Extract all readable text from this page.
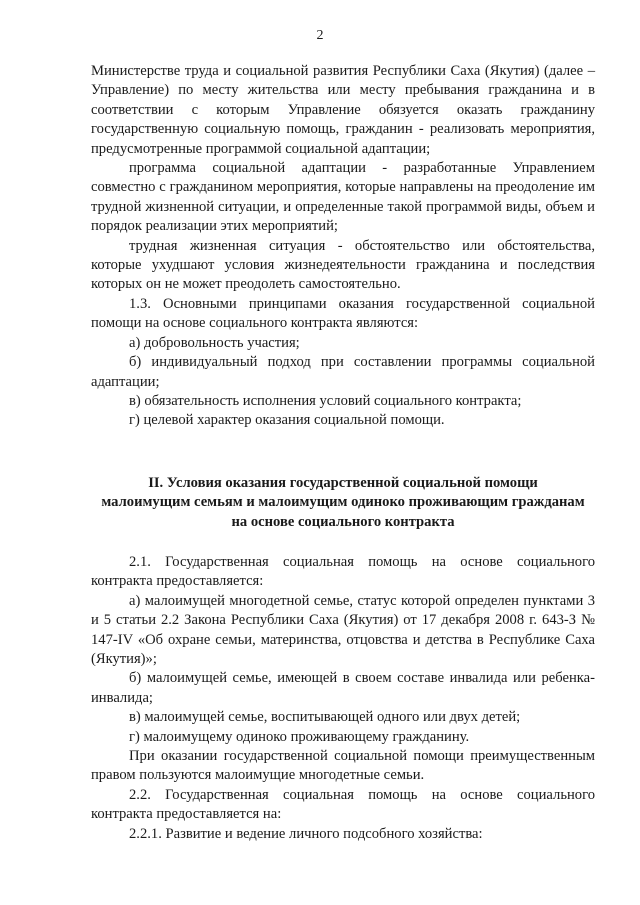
2

Министерстве труда и социальной развития Республики Саха (Якутия) (далее – Управление) по месту жительства или месту пребывания гражданина и в соответствии с которым Управление обязуется оказать гражданину государственную социальную помощь, гражданин - реализовать мероприятия, предусмотренные программой социальной адаптации;

программа социальной адаптации - разработанные Управлением совместно с гражданином мероприятия, которые направлены на преодоление им трудной жизненной ситуации, и определенные такой программой виды, объем и порядок реализации этих мероприятий;

трудная жизненная ситуация - обстоятельство или обстоятельства, которые ухудшают условия жизнедеятельности гражданина и последствия которых он не может преодолеть самостоятельно.

1.3. Основными принципами оказания государственной социальной помощи на основе социального контракта являются:

а) добровольность участия;

б) индивидуальный подход при составлении программы социальной адаптации;

в) обязательность исполнения условий социального контракта;

г) целевой характер оказания социальной помощи.

II. Условия оказания государственной социальной помощи
малоимущим семьям и малоимущим одиноко проживающим гражданам
на основе социального контракта

2.1. Государственная социальная помощь на основе социального контракта предоставляется:

а) малоимущей многодетной семье, статус которой определен пунктами 3 и 5 статьи 2.2 Закона Республики Саха (Якутия) от 17 декабря 2008 г. 643-З № 147-IV «Об охране семьи, материнства, отцовства и детства в Республике Саха (Якутия)»;

б) малоимущей семье, имеющей в своем составе инвалида или ребенка-инвалида;

в) малоимущей семье, воспитывающей одного или двух детей;

г) малоимущему одиноко проживающему гражданину.

При оказании государственной социальной помощи преимущественным правом пользуются малоимущие многодетные семьи.

2.2. Государственная социальная помощь на основе социального контракта предоставляется на:

2.2.1. Развитие и ведение личного подсобного хозяйства:
